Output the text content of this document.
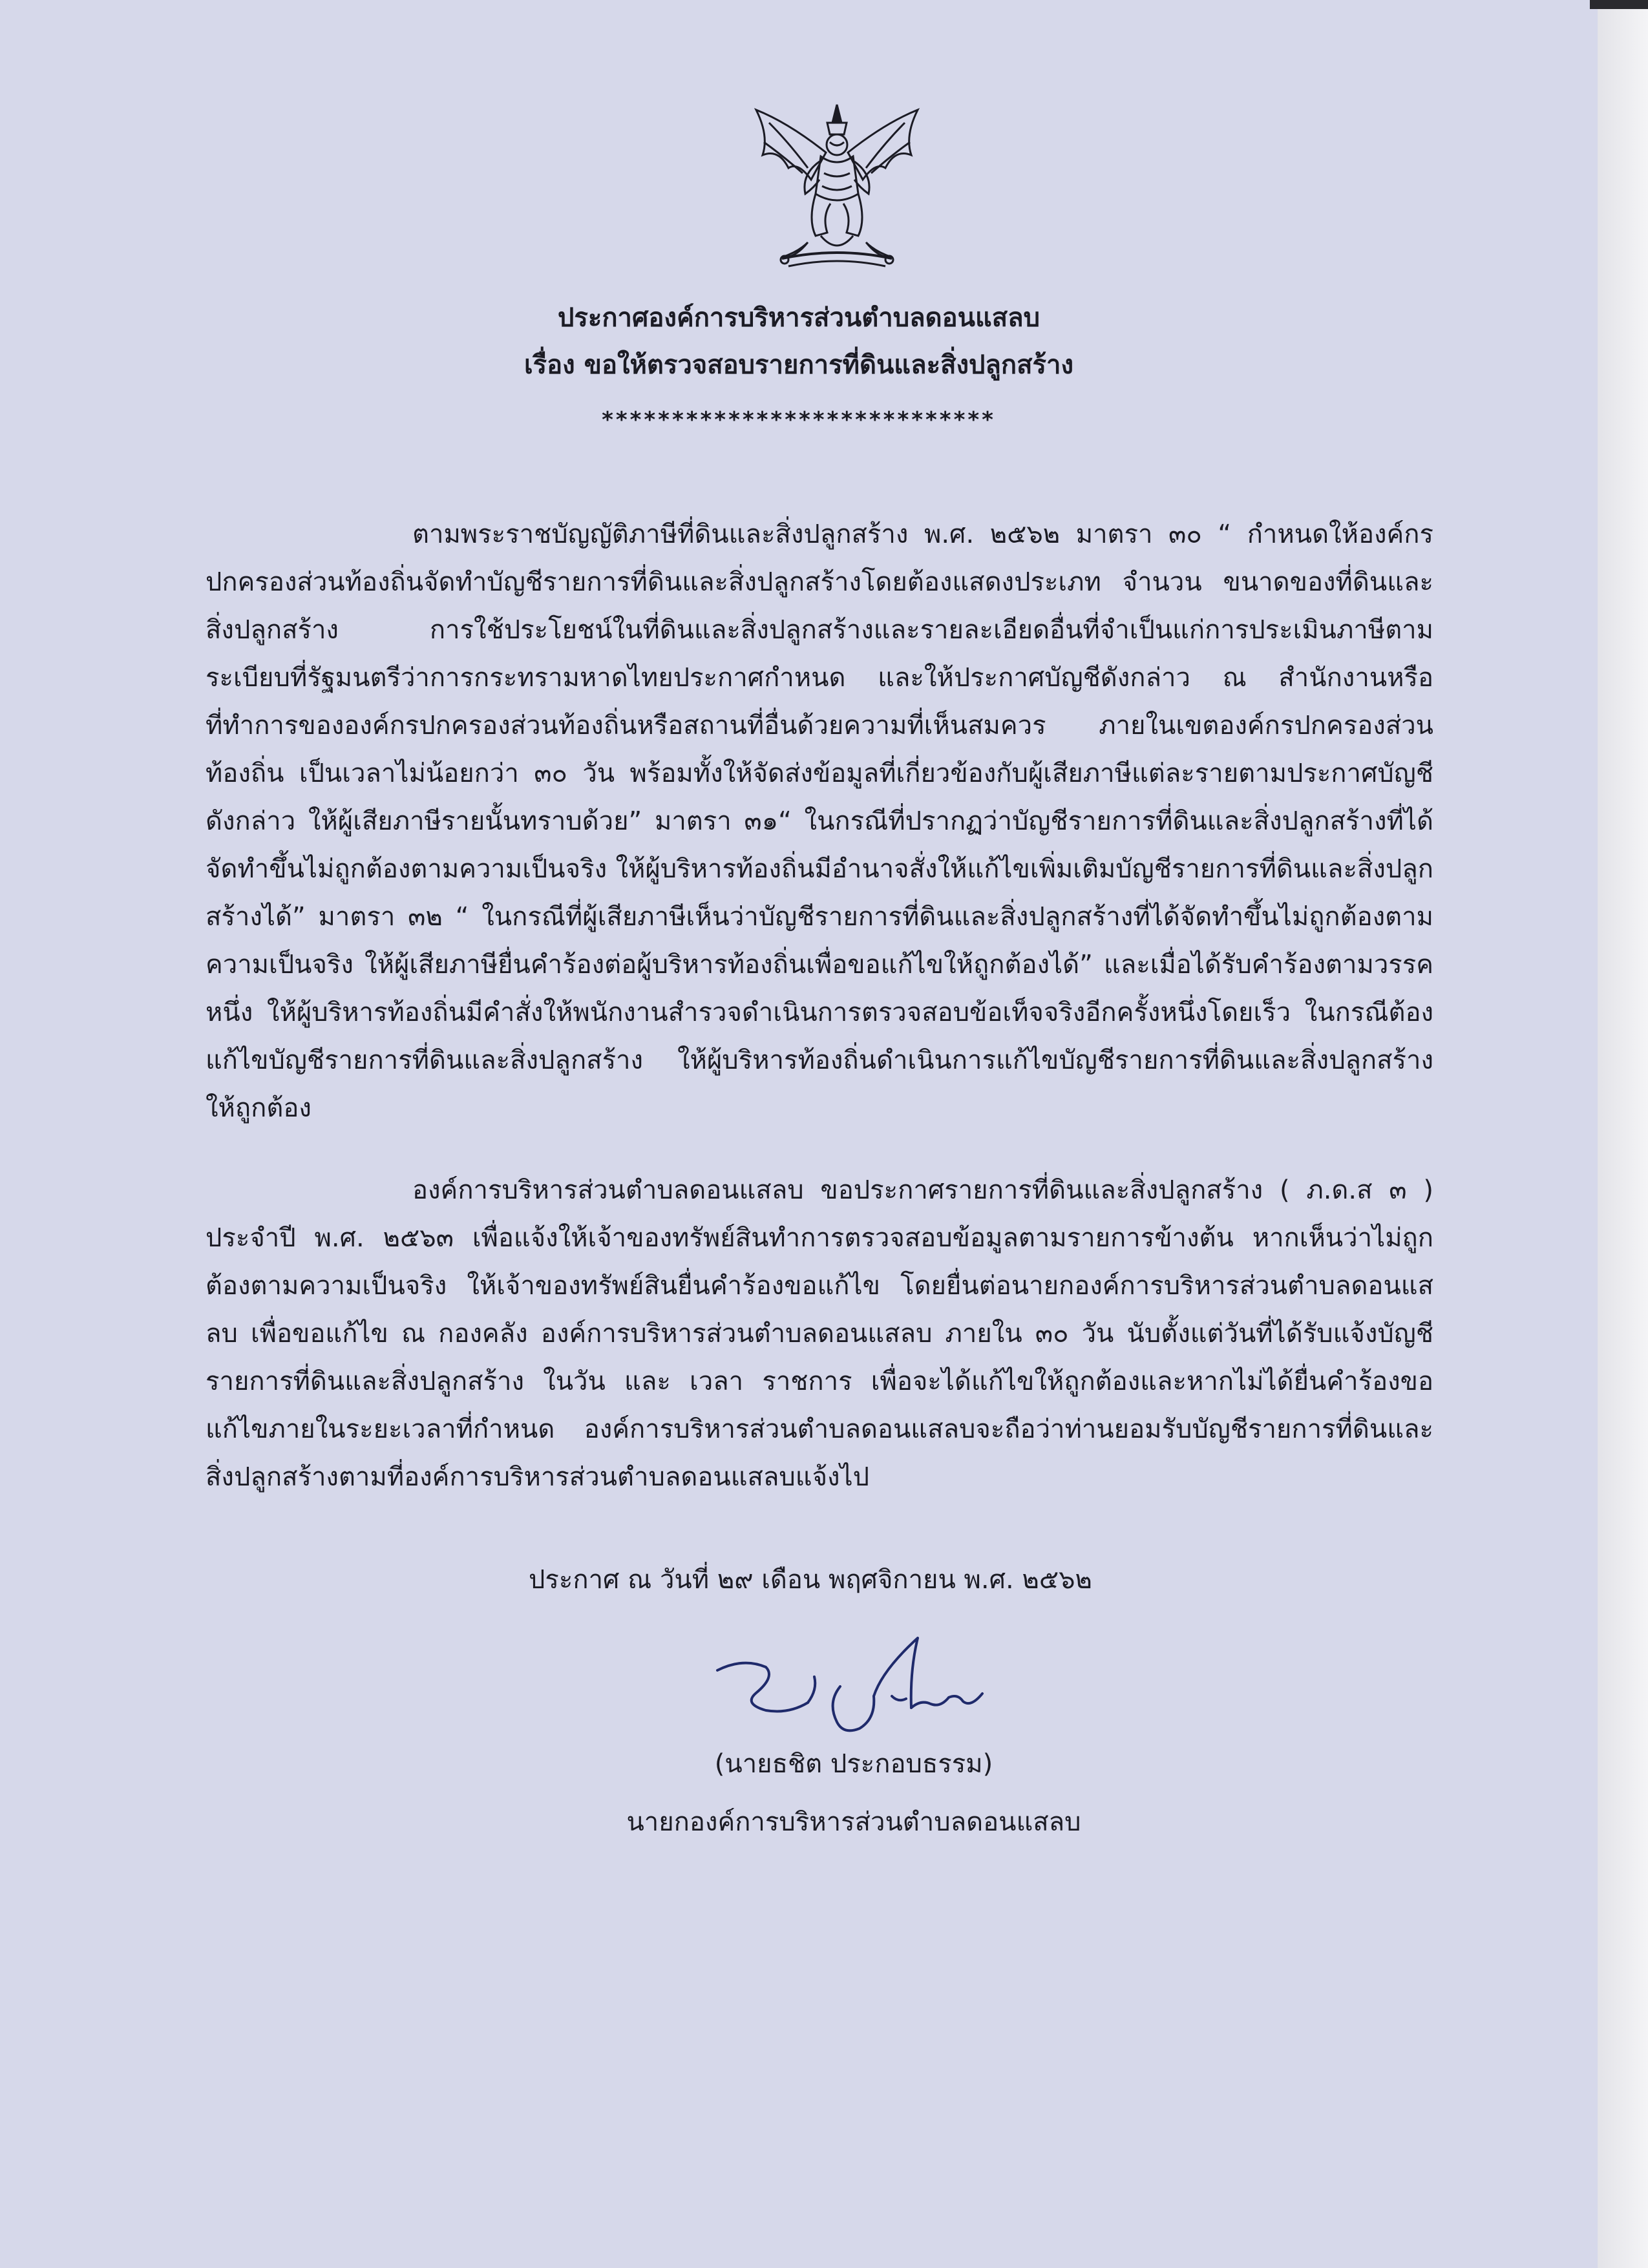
ประกาศองค์การบริหารส่วนตำบลดอนแสลบ
เรื่อง ขอให้ตรวจสอบรายการที่ดินและสิ่งปลูกสร้าง
****************************

ตามพระราชบัญญัติภาษีที่ดินและสิ่งปลูกสร้าง พ.ศ. ๒๕๖๒ มาตรา ๓๐ “ กำหนดให้องค์กรปกครองส่วนท้องถิ่นจัดทำบัญชีรายการที่ดินและสิ่งปลูกสร้างโดยต้องแสดงประเภท จำนวน ขนาดของที่ดินและสิ่งปลูกสร้าง การใช้ประโยชน์ในที่ดินและสิ่งปลูกสร้างและรายละเอียดอื่นที่จำเป็นแก่การประเมินภาษีตามระเบียบที่รัฐมนตรีว่าการกระทรามหาดไทยประกาศกำหนด และให้ประกาศบัญชีดังกล่าว ณ สำนักงานหรือที่ทำการขององค์กรปกครองส่วนท้องถิ่นหรือสถานที่อื่นด้วยความที่เห็นสมควร ภายในเขตองค์กรปกครองส่วนท้องถิ่น เป็นเวลาไม่น้อยกว่า ๓๐ วัน พร้อมทั้งให้จัดส่งข้อมูลที่เกี่ยวข้องกับผู้เสียภาษีแต่ละรายตามประกาศบัญชีดังกล่าว ให้ผู้เสียภาษีรายนั้นทราบด้วย” มาตรา ๓๑“ ในกรณีที่ปรากฏว่าบัญชีรายการที่ดินและสิ่งปลูกสร้างที่ได้จัดทำขึ้นไม่ถูกต้องตามความเป็นจริง ให้ผู้บริหารท้องถิ่นมีอำนาจสั่งให้แก้ไขเพิ่มเติมบัญชีรายการที่ดินและสิ่งปลูกสร้างได้” มาตรา ๓๒ “ ในกรณีที่ผู้เสียภาษีเห็นว่าบัญชีรายการที่ดินและสิ่งปลูกสร้างที่ได้จัดทำขึ้นไม่ถูกต้องตามความเป็นจริง ให้ผู้เสียภาษียื่นคำร้องต่อผู้บริหารท้องถิ่นเพื่อขอแก้ไขให้ถูกต้องได้” และเมื่อได้รับคำร้องตามวรรคหนึ่ง ให้ผู้บริหารท้องถิ่นมีคำสั่งให้พนักงานสำรวจดำเนินการตรวจสอบข้อเท็จจริงอีกครั้งหนึ่งโดยเร็ว ในกรณีต้องแก้ไขบัญชีรายการที่ดินและสิ่งปลูกสร้าง ให้ผู้บริหารท้องถิ่นดำเนินการแก้ไขบัญชีรายการที่ดินและสิ่งปลูกสร้างให้ถูกต้อง

องค์การบริหารส่วนตำบลดอนแสลบ ขอประกาศรายการที่ดินและสิ่งปลูกสร้าง ( ภ.ด.ส ๓ ) ประจำปี พ.ศ. ๒๕๖๓ เพื่อแจ้งให้เจ้าของทรัพย์สินทำการตรวจสอบข้อมูลตามรายการข้างต้น หากเห็นว่าไม่ถูกต้องตามความเป็นจริง ให้เจ้าของทรัพย์สินยื่นคำร้องขอแก้ไข โดยยื่นต่อนายกองค์การบริหารส่วนตำบลดอนแสลบ เพื่อขอแก้ไข ณ กองคลัง องค์การบริหารส่วนตำบลดอนแสลบ ภายใน ๓๐ วัน นับตั้งแต่วันที่ได้รับแจ้งบัญชีรายการที่ดินและสิ่งปลูกสร้าง ในวัน และ เวลา ราชการ เพื่อจะได้แก้ไขให้ถูกต้องและหากไม่ได้ยื่นคำร้องขอแก้ไขภายในระยะเวลาที่กำหนด องค์การบริหารส่วนตำบลดอนแสลบจะถือว่าท่านยอมรับบัญชีรายการที่ดินและสิ่งปลูกสร้างตามที่องค์การบริหารส่วนตำบลดอนแสลบแจ้งไป

ประกาศ ณ วันที่ ๒๙ เดือน พฤศจิกายน พ.ศ. ๒๕๖๒
(นายธชิต ประกอบธรรม)
นายกองค์การบริหารส่วนตำบลดอนแสลบ
